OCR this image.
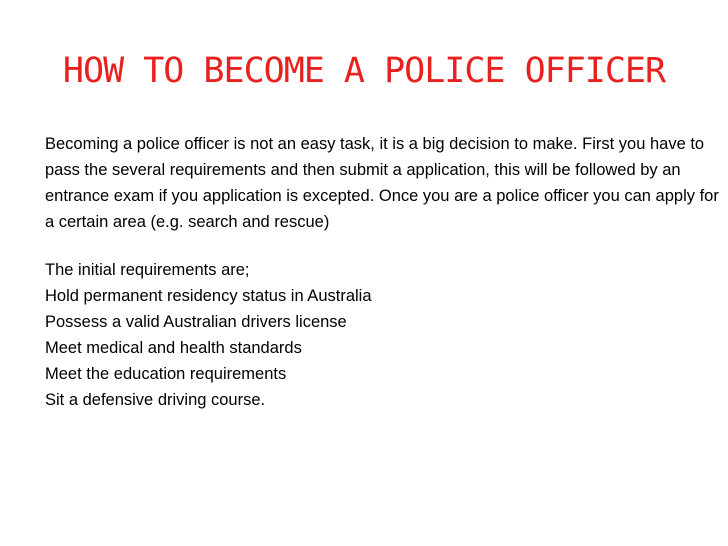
HOW TO BECOME A POLICE OFFICER

Becoming a police officer is not an easy task, it is a big decision to make. First you have to pass the several requirements and then submit a application, this will be followed by an entrance exam if you application is excepted. Once you are a police officer you can apply for a certain area (e.g. search and rescue)

The initial requirements are;
Hold permanent residency status in Australia
Possess a valid Australian drivers license
Meet medical and health standards
Meet the education requirements
Sit a defensive driving course.
